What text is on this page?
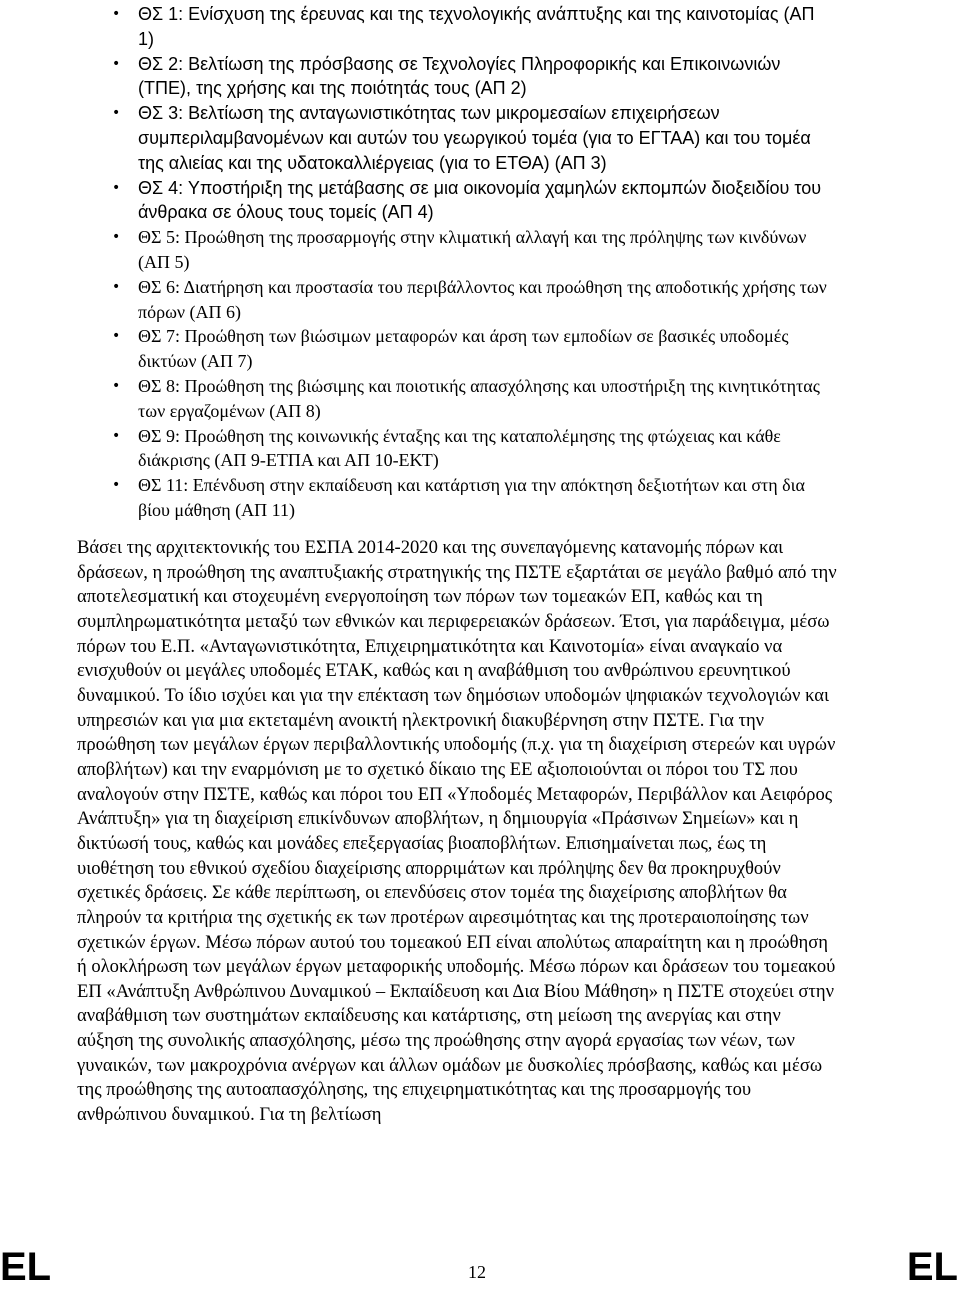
• ΘΣ 1: Ενίσχυση της έρευνας και της τεχνολογικής ανάπτυξης και της καινοτομίας (ΑΠ 1)
• ΘΣ 2: Βελτίωση της πρόσβασης σε Τεχνολογίες Πληροφορικής και Επικοινωνιών (ΤΠΕ), της χρήσης και της ποιότητάς τους (ΑΠ 2)
• ΘΣ 3: Βελτίωση της ανταγωνιστικότητας των μικρομεσαίων επιχειρήσεων συμπεριλαμβανομένων και αυτών του γεωργικού τομέα (για το ΕΓΤΑΑ) και του τομέα της αλιείας και της υδατοκαλλιέργειας (για το ΕΤΘΑ) (ΑΠ 3)
• ΘΣ 4: Υποστήριξη της μετάβασης σε μια οικονομία χαμηλών εκπομπών διοξειδίου του άνθρακα σε όλους τους τομείς (ΑΠ 4)
• ΘΣ 5: Προώθηση της προσαρμογής στην κλιματική αλλαγή και της πρόληψης των κινδύνων (ΑΠ 5)
• ΘΣ 6: Διατήρηση και προστασία του περιβάλλοντος και προώθηση της αποδοτικής χρήσης των πόρων (ΑΠ 6)
• ΘΣ 7: Προώθηση των βιώσιμων μεταφορών και άρση των εμποδίων σε βασικές υποδομές δικτύων (ΑΠ 7)
• ΘΣ 8: Προώθηση της βιώσιμης και ποιοτικής απασχόλησης και υποστήριξη της κινητικότητας των εργαζομένων (ΑΠ 8)
• ΘΣ 9: Προώθηση της κοινωνικής ένταξης και της καταπολέμησης της φτώχειας και κάθε διάκρισης (ΑΠ 9-ΕΤΠΑ και ΑΠ 10-ΕΚΤ)
• ΘΣ 11: Επένδυση στην εκπαίδευση και κατάρτιση για την απόκτηση δεξιοτήτων και στη δια βίου μάθηση (ΑΠ 11)

Βάσει της αρχιτεκτονικής του ΕΣΠΑ 2014-2020 και της συνεπαγόμενης κατανομής πόρων και δράσεων, η προώθηση της αναπτυξιακής στρατηγικής της ΠΣΤΕ εξαρτάται σε μεγάλο βαθμό από την αποτελεσματική και στοχευμένη ενεργοποίηση των πόρων των τομεακών ΕΠ, καθώς και τη συμπληρωματικότητα μεταξύ των εθνικών και περιφερειακών δράσεων. Έτσι, για παράδειγμα, μέσω πόρων του Ε.Π. «Ανταγωνιστικότητα, Επιχειρηματικότητα και Καινοτομία» είναι αναγκαίο να ενισχυθούν οι μεγάλες υποδομές ΕΤΑΚ, καθώς και η αναβάθμιση του ανθρώπινου ερευνητικού δυναμικού. Το ίδιο ισχύει και για την επέκταση των δημόσιων υποδομών ψηφιακών τεχνολογιών και υπηρεσιών και για μια εκτεταμένη ανοικτή ηλεκτρονική διακυβέρνηση στην ΠΣΤΕ. Για την προώθηση των μεγάλων έργων περιβαλλοντικής υποδομής (π.χ. για τη διαχείριση στερεών και υγρών αποβλήτων) και την εναρμόνιση με το σχετικό δίκαιο της ΕΕ αξιοποιούνται οι πόροι του ΤΣ που αναλογούν στην ΠΣΤΕ, καθώς και πόροι του ΕΠ «Υποδομές Μεταφορών, Περιβάλλον και Αειφόρος Ανάπτυξη» για τη διαχείριση επικίνδυνων αποβλήτων, η δημιουργία «Πράσινων Σημείων» και η δικτύωσή τους, καθώς και μονάδες επεξεργασίας βιοαποβλήτων. Επισημαίνεται πως, έως τη υιοθέτηση του εθνικού σχεδίου διαχείρισης απορριμάτων και πρόληψης δεν θα προκηρυχθούν σχετικές δράσεις. Σε κάθε περίπτωση, οι επενδύσεις στον τομέα της διαχείρισης αποβλήτων θα πληρούν τα κριτήρια της σχετικής εκ των προτέρων αιρεσιμότητας και της προτεραιοποίησης των σχετικών έργων. Μέσω πόρων αυτού του τομεακού ΕΠ είναι απολύτως απαραίτητη και η προώθηση ή ολοκλήρωση των μεγάλων έργων μεταφορικής υποδομής. Μέσω πόρων και δράσεων του τομεακού ΕΠ «Ανάπτυξη Ανθρώπινου Δυναμικού – Εκπαίδευση και Δια Βίου Μάθηση» η ΠΣΤΕ στοχεύει στην αναβάθμιση των συστημάτων εκπαίδευσης και κατάρτισης, στη μείωση της ανεργίας και στην αύξηση της συνολικής απασχόλησης, μέσω της προώθησης στην αγορά εργασίας των νέων, των γυναικών, των μακροχρόνια ανέργων και άλλων ομάδων με δυσκολίες πρόσβασης, καθώς και μέσω της προώθησης της αυτοαπασχόλησης, της επιχειρηματικότητας και της προσαρμογής του ανθρώπινου δυναμικού. Για τη βελτίωση

EL	12	EL
